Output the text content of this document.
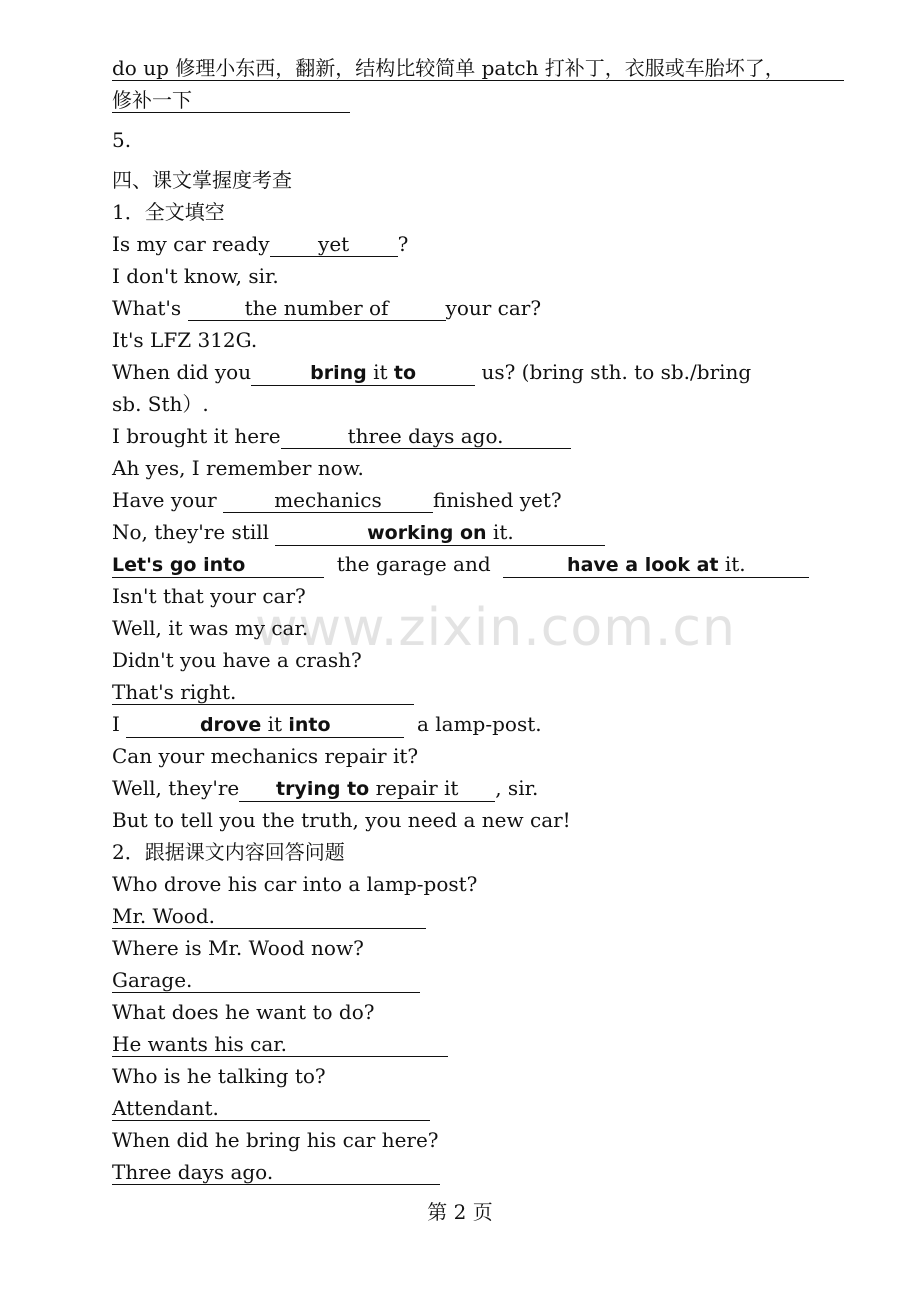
www.zixin.com.cn
do up 修理小东西，翻新，结构比较简单 patch 打补丁，衣服或车胎坏了，
修补一下
5.
四、课文掌握度考查
1．全文填空
Is my car ready yet ?
I don't know, sir.
What's	the number of	your car?
It's LFZ 312G.
When did you	bring it to	us? (bring sth. to sb./bring
sb. Sth）.
I brought it here	three days ago.
Ah yes, I remember now.
Have your	mechanics	finished yet?
No, they're still	working on it.
Let's go into	the garage and	have a look at it.
Isn't that your car?
Well, it was my car.
Didn't you have a crash?
That's right.
I	drove it into	a lamp-post.
Can your mechanics repair it?
Well, they're trying to repair it , sir.
But to tell you the truth, you need a new car!
2．跟据课文内容回答问题
Who drove his car into a lamp-post?
Mr. Wood.
Where is Mr. Wood now?
Garage.
What does he want to do?
He wants his car.
Who is he talking to?
Attendant.
When did he bring his car here?
Three days ago.
第 2 页
